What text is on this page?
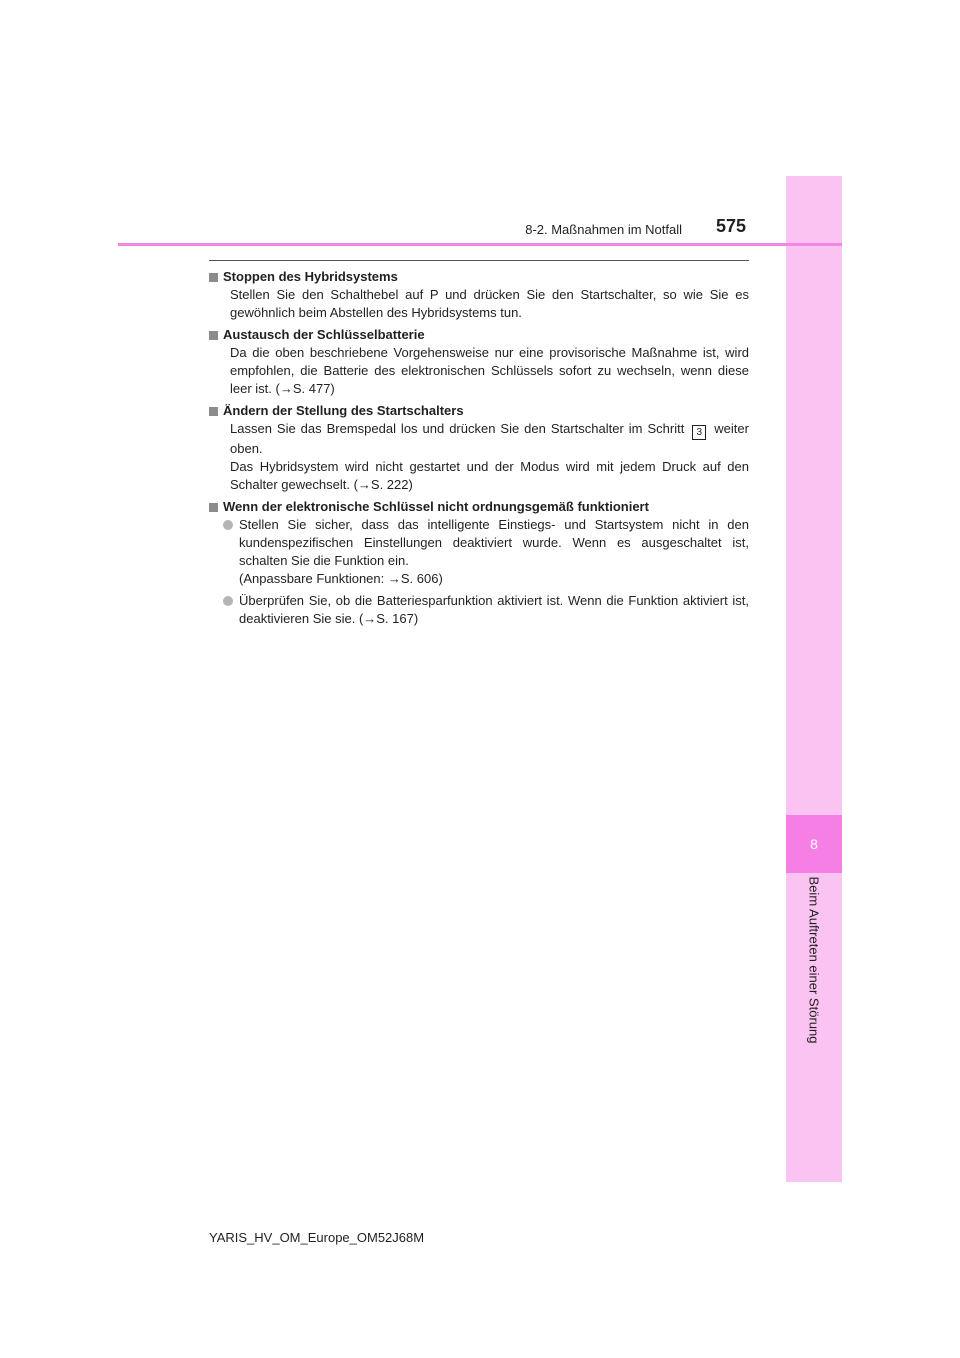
8
Beim Auftreten einer Störung
8-2. Maßnahmen im Notfall 575
Stoppen des Hybridsystems
Stellen Sie den Schalthebel auf P und drücken Sie den Startschalter, so wie Sie es gewöhnlich beim Abstellen des Hybridsystems tun.
Austausch der Schlüsselbatterie
Da die oben beschriebene Vorgehensweise nur eine provisorische Maßnahme ist, wird empfohlen, die Batterie des elektronischen Schlüssels sofort zu wechseln, wenn diese leer ist. (→S. 477)
Ändern der Stellung des Startschalters

Lassen Sie das Bremspedal los und drücken Sie den Startschalter im Schritt 3 weiter oben.

Das Hybridsystem wird nicht gestartet und der Modus wird mit jedem Druck auf den Schalter gewechselt. (→S. 222)

Wenn der elektronische Schlüssel nicht ordnungsgemäß funktioniert
Stellen Sie sicher, dass das intelligente Einstiegs- und Startsystem nicht in den kundenspezifischen Einstellungen deaktiviert wurde. Wenn es ausgeschaltet ist, schalten Sie die Funktion ein.
(Anpassbare Funktionen: →S. 606)
Überprüfen Sie, ob die Batteriesparfunktion aktiviert ist. Wenn die Funktion aktiviert ist, deaktivieren Sie sie. (→S. 167)
YARIS_HV_OM_Europe_OM52J68M
